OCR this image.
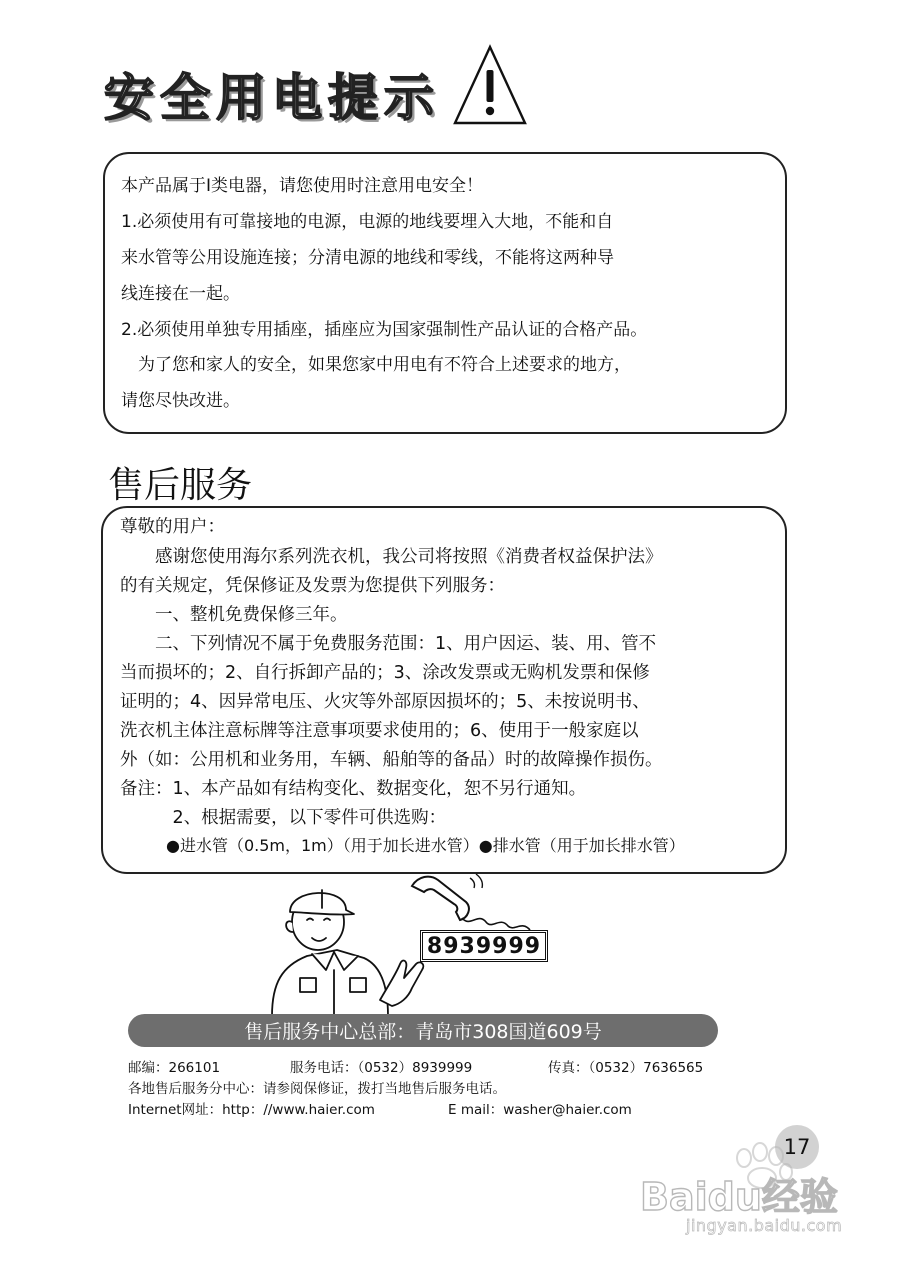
安全用电提示
本产品属于I类电器，请您使用时注意用电安全！
1.必须使用有可靠接地的电源，电源的地线要埋入大地，不能和自
来水管等公用设施连接；分清电源的地线和零线，不能将这两种导
线连接在一起。
2.必须使用单独专用插座，插座应为国家强制性产品认证的合格产品。
　为了您和家人的安全，如果您家中用电有不符合上述要求的地方，
请您尽快改进。
售后服务
尊敬的用户：
　　感谢您使用海尔系列洗衣机，我公司将按照《消费者权益保护法》
的有关规定，凭保修证及发票为您提供下列服务：
　　一、整机免费保修三年。
　　二、下列情况不属于免费服务范围：1、用户因运、装、用、管不
当而损坏的；2、自行拆卸产品的；3、涂改发票或无购机发票和保修
证明的；4、因异常电压、火灾等外部原因损坏的；5、未按说明书、
洗衣机主体注意标牌等注意事项要求使用的；6、使用于一般家庭以
外（如：公用机和业务用，车辆、船舶等的备品）时的故障操作损伤。
备注：1、本产品如有结构变化、数据变化，恕不另行通知。
　　　2、根据需要，以下零件可供选购：
　●进水管（0.5m，1m）（用于加长进水管）●排水管（用于加长排水管）
8939999
售后服务中心总部：青岛市308国道609号
邮编：266101	服务电话：（0532）8939999	传真：（0532）7636565
各地售后服务分中心：请参阅保修证，拨打当地售后服务电话。
Internet网址：http：//www.haier.com	E mail：washer@haier.com
17
Baidu经验
jingyan.baidu.com
